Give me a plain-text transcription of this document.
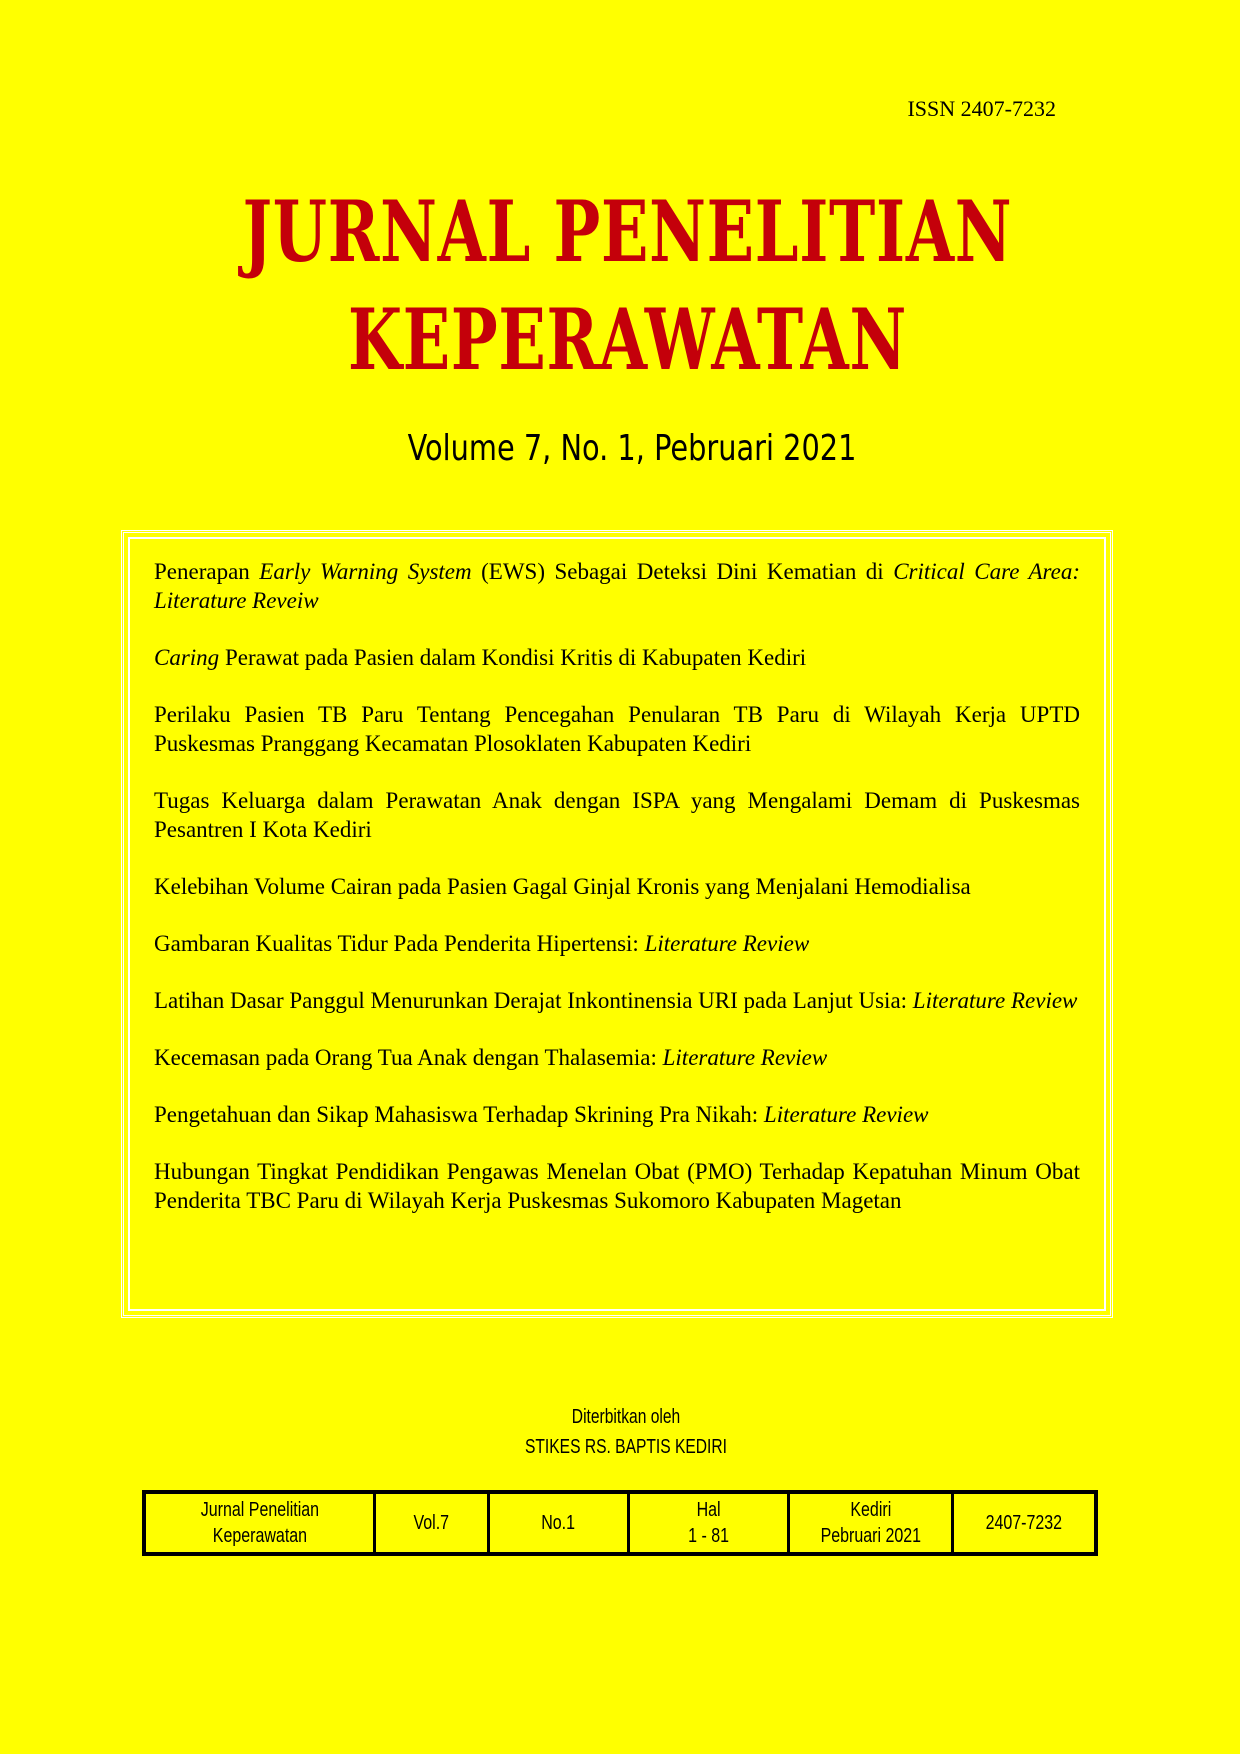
ISSN 2407-7232
JURNAL PENELITIAN
KEPERAWATAN
Volume 7, No. 1, Pebruari 2021
Penerapan Early Warning System (EWS) Sebagai Deteksi Dini Kematian di Critical Care Area: Literature Reveiw
Caring Perawat pada Pasien dalam Kondisi Kritis di Kabupaten Kediri
Perilaku Pasien TB Paru Tentang Pencegahan Penularan TB Paru di Wilayah Kerja UPTD Puskesmas Pranggang Kecamatan Plosoklaten Kabupaten Kediri
Tugas Keluarga dalam Perawatan Anak dengan ISPA yang Mengalami Demam di Puskesmas Pesantren I Kota Kediri
Kelebihan Volume Cairan pada Pasien Gagal Ginjal Kronis yang Menjalani Hemodialisa
Gambaran Kualitas Tidur Pada Penderita Hipertensi: Literature Review
Latihan Dasar Panggul Menurunkan Derajat Inkontinensia URI pada Lanjut Usia: Literature Review
Kecemasan pada Orang Tua Anak dengan Thalasemia: Literature Review
Pengetahuan dan Sikap Mahasiswa Terhadap Skrining Pra Nikah: Literature Review
Hubungan Tingkat Pendidikan Pengawas Menelan Obat (PMO) Terhadap Kepatuhan Minum Obat Penderita TBC Paru di Wilayah Kerja Puskesmas Sukomoro Kabupaten Magetan
Diterbitkan oleh
STIKES RS. BAPTIS KEDIRI
Jurnal Penelitian
Keperawatan
Vol.7	No.1
Hal
1 - 81
Kediri
Pebruari 2021
2407-7232
